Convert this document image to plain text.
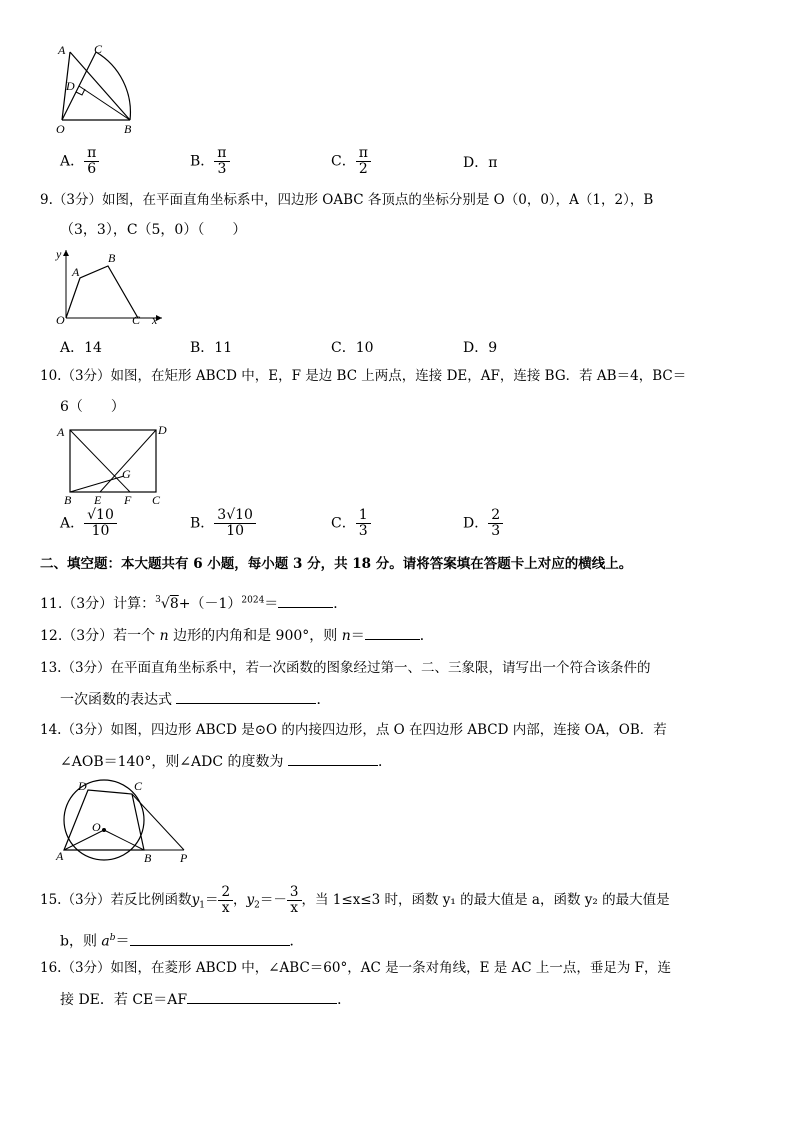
A C
D
O	B
A． $\frac{\pi}{6}$	B． $\frac{\pi}{3}$	C． $\frac{\pi}{2}$	D．π
9.（3分）如图，在平面直角坐标系中，四边形 OABC 各顶点的坐标分别是 O（0，0），A（1，2），B
（3，3），C（5，0）（　　）
y
A
B
O	C x
A．14	B．11	C．10	D．9
10.（3分）如图，在矩形 ABCD 中，E，F 是边 BC 上两点，连接 DE，AF，连接 BG．若 AB＝4，BC＝
6（　　）
A	D
G
B E F C
A． $\frac{√10}{10}$	B． $\frac{3√10}{10}$	C． $\frac{1}{3}$	D． $\frac{2}{3}$
二、填空题：本大题共有 6 小题，每小题 3 分，共 18 分。请将答案填在答题卡上对应的横线上。
11.（3分）计算：$^3√8+(-1)^{2024}=$	．
12.（3分）若一个 n 边形的内角和是 900°，则 n＝	．
13.（3分）在平面直角坐标系中，若一次函数的图象经过第一、二、三象限，请写出一个符合该条件的
一次函数的表达式	．
14.（3分）如图，四边形 ABCD 是⊙O 的内接四边形，点 O 在四边形 ABCD 内部，连接 OA，OB．若
∠AOB＝140°，则∠ADC 的度数为	．
D	C
O
A	B P
15.（3分）若反比例函数$y_1= \frac{2}{x}$ ，$y_2=- \frac{3}{x}$ ，当 1≤x≤3 时，函数 y₁ 的最大值是 a，函数 y₂ 的最大值是
b，则 $a^b=$	．
16.（3分）如图，在菱形 ABCD 中，∠ABC＝60°，AC 是一条对角线，E 是 AC 上一点，垂足为 F，连
接 DE．若 CE＝AF	．
